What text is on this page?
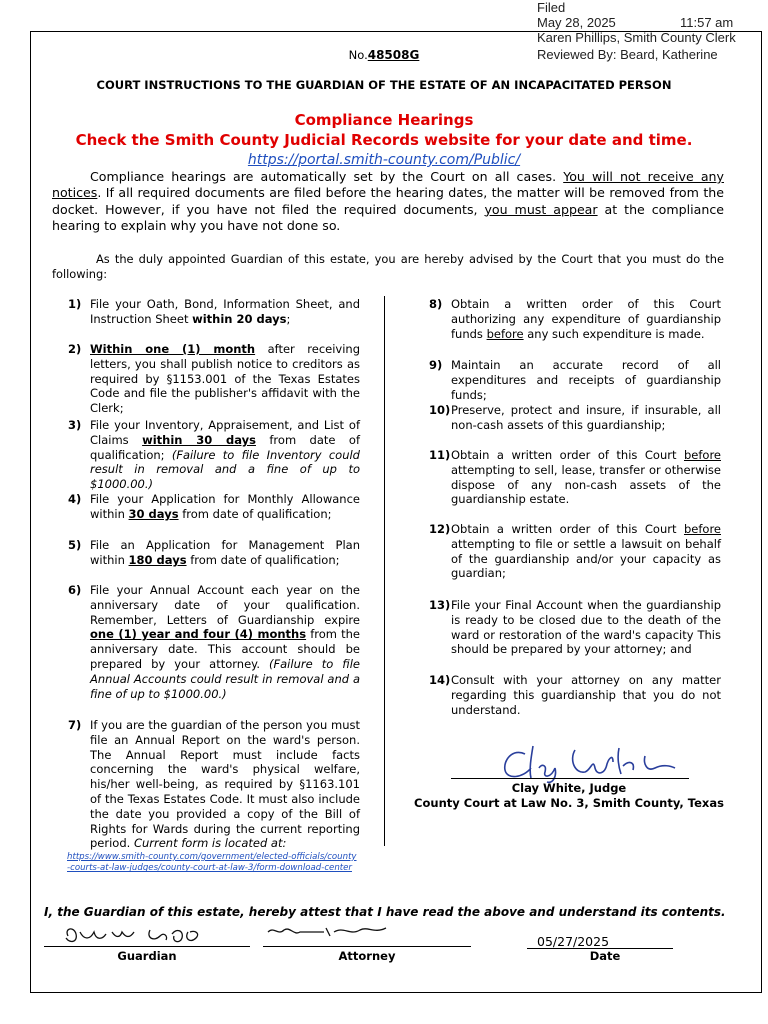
Filed
May 28, 2025	11:57 am
Karen Phillips, Smith County Clerk
Reviewed By: Beard, Katherine
No.48508G
COURT INSTRUCTIONS TO THE GUARDIAN OF THE ESTATE OF AN INCAPACITATED PERSON
Compliance Hearings
Check the Smith County Judicial Records website for your date and time.
https://portal.smith-county.com/Public/
Compliance hearings are automatically set by the Court on all cases. You will not receive any notices. If all required documents are filed before the hearing dates, the matter will be removed from the docket. However, if you have not filed the required documents, you must appear at the compliance hearing to explain why you have not done so.
As the duly appointed Guardian of this estate, you are hereby advised by the Court that you must do the following:
1) File your Oath, Bond, Information Sheet, and Instruction Sheet within 20 days;
2) Within one (1) month after receiving letters, you shall publish notice to creditors as required by §1153.001 of the Texas Estates Code and file the publisher's affidavit with the Clerk;
3) File your Inventory, Appraisement, and List of Claims within 30 days from date of qualification; (Failure to file Inventory could result in removal and a fine of up to $1000.00.)
4) File your Application for Monthly Allowance within 30 days from date of qualification;
5) File an Application for Management Plan within 180 days from date of qualification;
6) File your Annual Account each year on the anniversary date of your qualification. Remember, Letters of Guardianship expire one (1) year and four (4) months from the anniversary date. This account should be prepared by your attorney. (Failure to file Annual Accounts could result in removal and a fine of up to $1000.00.)
7) If you are the guardian of the person you must file an Annual Report on the ward's person. The Annual Report must include facts concerning the ward's physical welfare, his/her well-being, as required by §1163.101 of the Texas Estates Code. It must also include the date you provided a copy of the Bill of Rights for Wards during the current reporting period. Current form is located at:
https://www.smith-county.com/government/elected-officials/county-courts-at-law-judges/county-court-at-law-3/form-download-center
8) Obtain a written order of this Court authorizing any expenditure of guardianship funds before any such expenditure is made.
9) Maintain an accurate record of all expenditures and receipts of guardianship funds;
10) Preserve, protect and insure, if insurable, all non-cash assets of this guardianship;
11) Obtain a written order of this Court before attempting to sell, lease, transfer or otherwise dispose of any non-cash assets of the guardianship estate.
12) Obtain a written order of this Court before attempting to file or settle a lawsuit on behalf of the guardianship and/or your capacity as guardian;
13) File your Final Account when the guardianship is ready to be closed due to the death of the ward or restoration of the ward's capacity This should be prepared by your attorney; and
14) Consult with your attorney on any matter regarding this guardianship that you do not understand.
Clay White, Judge
County Court at Law No. 3, Smith County, Texas
I, the Guardian of this estate, hereby attest that I have read the above and understand its contents.
05/27/2025
Guardian	Attorney	Date
